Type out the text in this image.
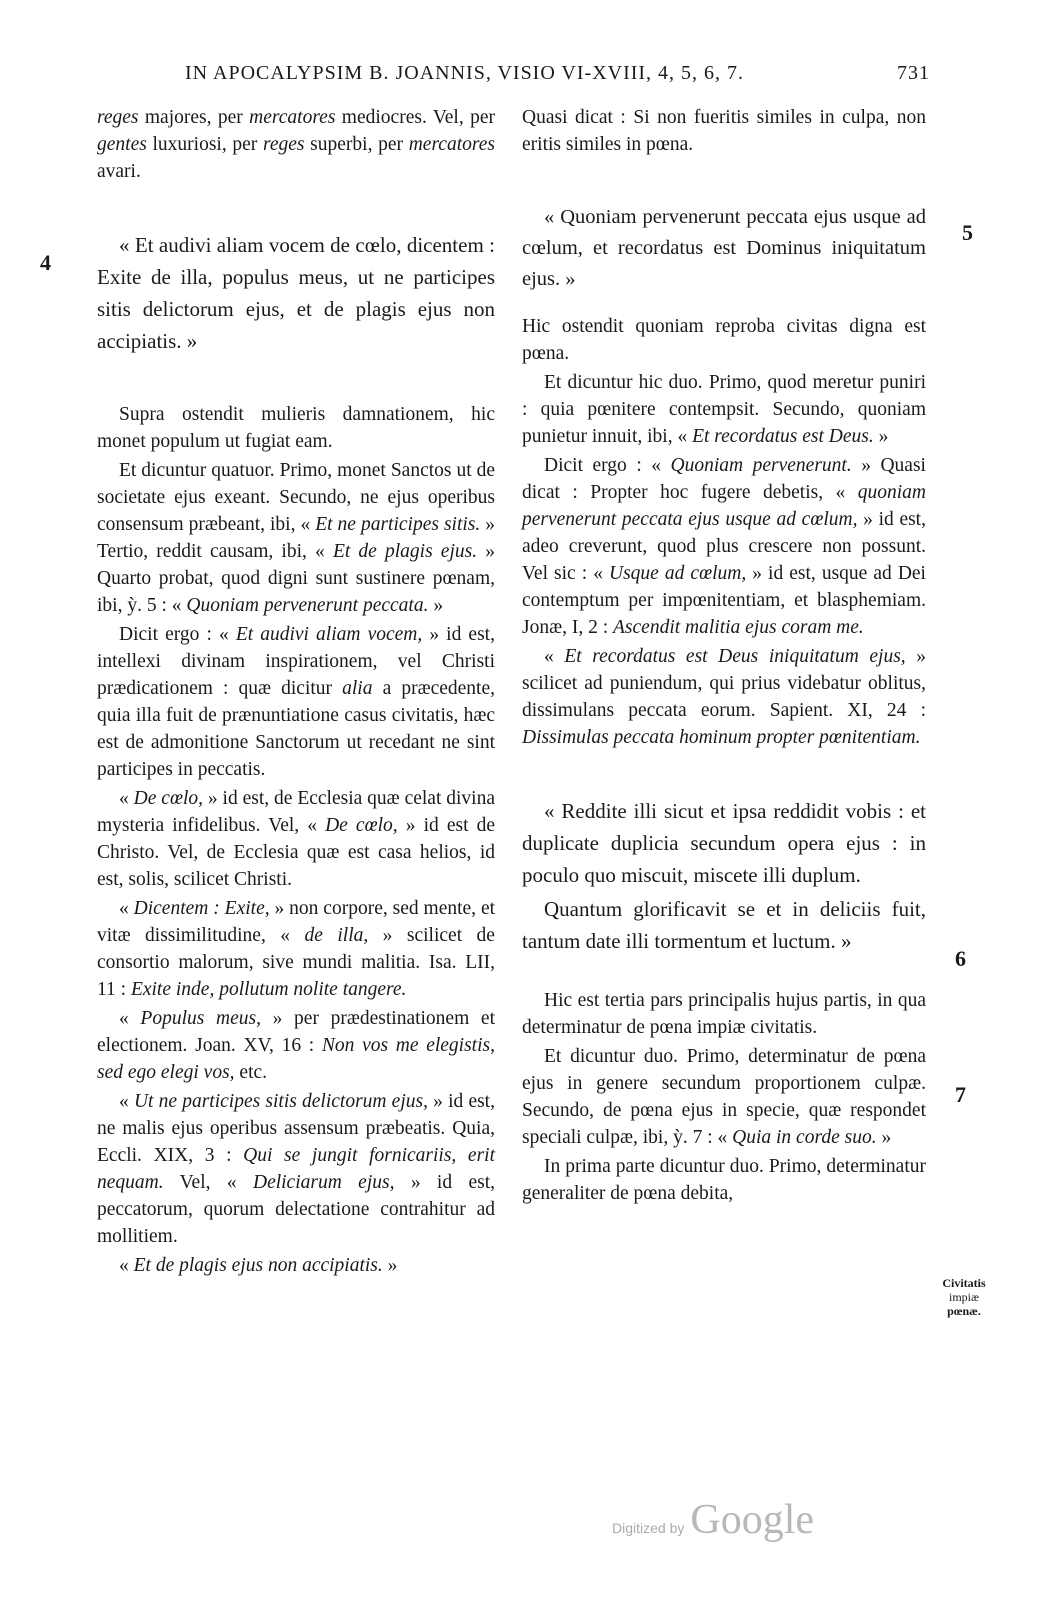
IN APOCALYPSIM B. JOANNIS, VISIO VI-XVIII, 4, 5, 6, 7.	731

reges majores, per mercatores mediocres. Vel, per gentes luxuriosi, per reges superbi, per mercatores avari.

« Et audivi aliam vocem de cœlo, dicentem : Exite de illa, populus meus, ut ne participes sitis delictorum ejus, et de plagis ejus non accipiatis. »

Supra ostendit mulieris damnationem, hic monet populum ut fugiat eam.

Et dicuntur quatuor. Primo, monet Sanctos ut de societate ejus exeant. Secundo, ne ejus operibus consensum præbeant, ibi, « Et ne participes sitis. » Tertio, reddit causam, ibi, « Et de plagis ejus. » Quarto probat, quod digni sunt sustinere pœnam, ibi, ỳ. 5 : « Quoniam pervenerunt peccata. »

Dicit ergo : « Et audivi aliam vocem, » id est, intellexi divinam inspirationem, vel Christi prædicationem : quæ dicitur alia a præcedente, quia illa fuit de prænuntiatione casus civitatis, hæc est de admonitione Sanctorum ut recedant ne sint participes in peccatis.

« De cœlo, » id est, de Ecclesia quæ celat divina mysteria infidelibus. Vel, « De cœlo, » id est de Christo. Vel, de Ecclesia quæ est casa helios, id est, solis, scilicet Christi.

« Dicentem : Exite, » non corpore, sed mente, et vitæ dissimilitudine, « de illa, » scilicet de consortio malorum, sive mundi malitia. Isa. LII, 11 : Exite inde, pollutum nolite tangere.

« Populus meus, » per prædestinationem et electionem. Joan. XV, 16 : Non vos me elegistis, sed ego elegi vos, etc.

« Ut ne participes sitis delictorum ejus, » id est, ne malis ejus operibus assensum præbeatis. Quia, Eccli. XIX, 3 : Qui se jungit fornicariis, erit nequam. Vel, « Deliciarum ejus, » id est, peccatorum, quorum delectatione contrahitur ad mollitiem.

« Et de plagis ejus non accipiatis. »

Quasi dicat : Si non fueritis similes in culpa, non eritis similes in pœna.

« Quoniam pervenerunt peccata ejus usque ad cœlum, et recordatus est Dominus iniquitatum ejus. »

Hic ostendit quoniam reproba civitas digna est pœna.

Et dicuntur hic duo. Primo, quod meretur puniri : quia pœnitere contempsit. Secundo, quoniam punietur innuit, ibi, « Et recordatus est Deus. »

Dicit ergo : « Quoniam pervenerunt. » Quasi dicat : Propter hoc fugere debetis, « quoniam pervenerunt peccata ejus usque ad cœlum, » id est, adeo creverunt, quod plus crescere non possunt. Vel sic : « Usque ad cœlum, » id est, usque ad Dei contemptum per impœnitentiam, et blasphemiam. Jonæ, I, 2 : Ascendit malitia ejus coram me.

« Et recordatus est Deus iniquitatum ejus, » scilicet ad puniendum, qui prius videbatur oblitus, dissimulans peccata eorum. Sapient. XI, 24 : Dissimulas peccata hominum propter pœnitentiam.

« Reddite illi sicut et ipsa reddidit vobis : et duplicate duplicia secundum opera ejus : in poculo quo miscuit, miscete illi duplum.

Quantum glorificavit se et in deliciis fuit, tantum date illi tormentum et luctum. »

Hic est tertia pars principalis hujus partis, in qua determinatur de pœna impiæ civitatis.

Et dicuntur duo. Primo, determinatur de pœna ejus in genere secundum proportionem culpæ. Secundo, de pœna ejus in specie, quæ respondet speciali culpæ, ibi, ỳ. 7 : « Quia in corde suo. »

In prima parte dicuntur duo. Primo, determinatur generaliter de pœna debita,

4
5
6
7
Civitatis
impiæ
pœnæ.
Digitized by Google
